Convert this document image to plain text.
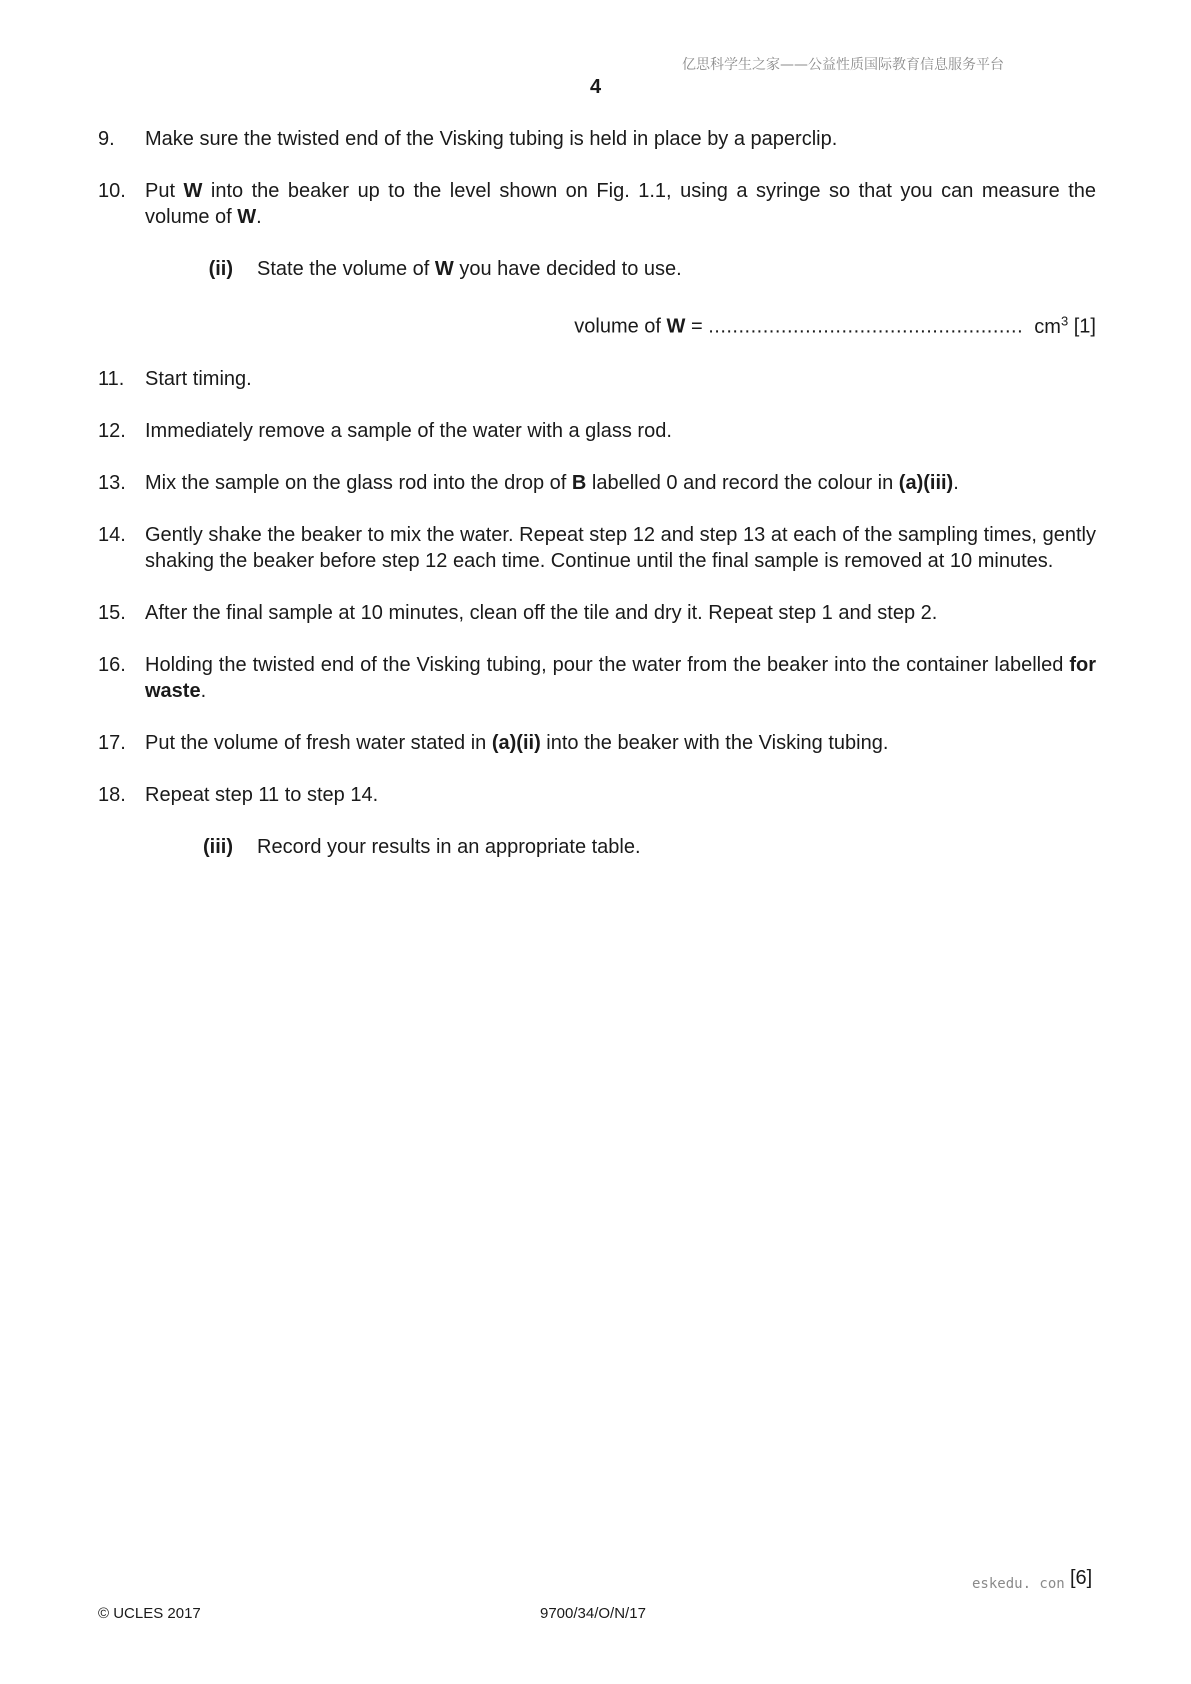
亿思科学生之家——公益性质国际教育信息服务平台
4
9.	Make sure the twisted end of the Visking tubing is held in place by a paperclip.
10. Put W into the beaker up to the level shown on Fig. 1.1, using a syringe so that you can measure the volume of W.
(ii)	State the volume of W you have decided to use.
volume of W = .................................................... $cm^3$ [1]
11.	Start timing.
12. Immediately remove a sample of the water with a glass rod.
13. Mix the sample on the glass rod into the drop of B labelled 0 and record the colour in (a)(iii).
14. Gently shake the beaker to mix the water. Repeat step 12 and step 13 at each of the sampling times, gently shaking the beaker before step 12 each time. Continue until the final sample is removed at 10 minutes.
15. After the final sample at 10 minutes, clean off the tile and dry it. Repeat step 1 and step 2.
16. Holding the twisted end of the Visking tubing, pour the water from the beaker into the container labelled for waste.
17. Put the volume of fresh water stated in (a)(ii) into the beaker with the Visking tubing.
18. Repeat step 11 to step 14.
(iii)	Record your results in an appropriate table.
eskedu. con [6]
© UCLES 2017	9700/34/O/N/17
